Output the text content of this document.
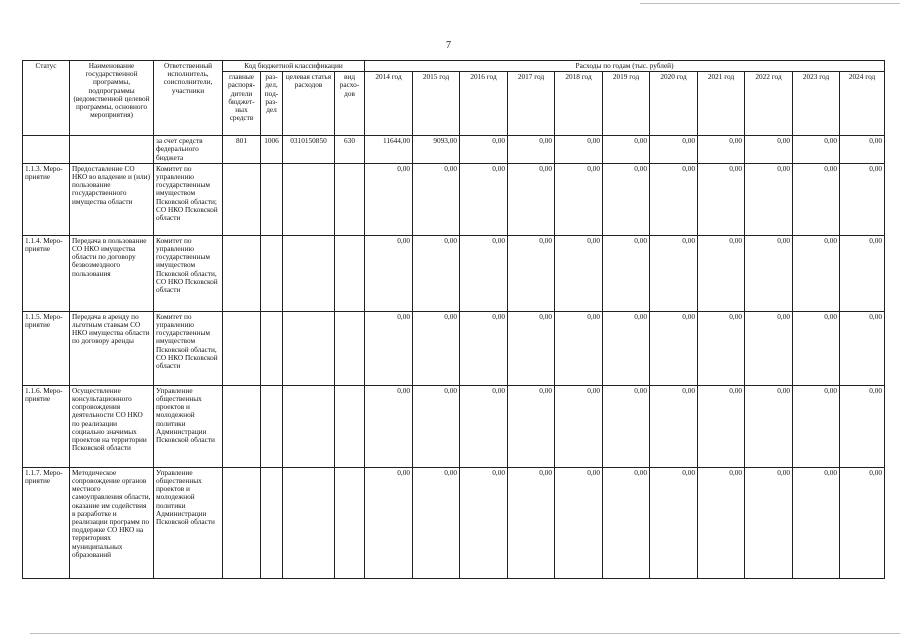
7
Статус	Наименование государственной программы, подпрограммы (ведомственной целевой программы, основного мероприятия)	Ответственный исполнитель, соисполнители, участники	Код бюджетной классификации				Расходы по годам (тыс. рублей)										
			главные распоря-дители бюджет-ных средств	раз-дел, под-раз-дел	целевая статья расходов	вид расхо-дов	2014 год	2015 год	2016 год	2017 год	2018 год	2019 год	2020 год	2021 год	2022 год	2023 год	2024 год
		за счет средств федерального бюджета	801	1006	0310150850	630	11644,00	9093,00	0,00	0,00	0,00	0,00	0,00	0,00	0,00	0,00	0,00
1.1.3. Меро-приятие	Предоставление СО НКО во владение и (или) пользование государственного имущества области	Комитет по управлению государственным имуществом Псковской области; СО НКО Псковской области					0,00	0,00	0,00	0,00	0,00	0,00	0,00	0,00	0,00	0,00	0,00
1.1.4. Меро-приятие	Передача в пользование СО НКО имущества области по договору безвозмездного пользования	Комитет по управлению государственным имуществом Псковской области, СО НКО Псковской области					0,00	0,00	0,00	0,00	0,00	0,00	0,00	0,00	0,00	0,00	0,00
1.1.5. Меро-приятие	Передача в аренду по льготным ставкам СО НКО имущества области по договору аренды	Комитет по управлению государственным имуществом Псковской области, СО НКО Псковской области					0,00	0,00	0,00	0,00	0,00	0,00	0,00	0,00	0,00	0,00	0,00
1.1.6. Меро-приятие	Осуществление консультационного сопровождения деятельности СО НКО по реализации социально значимых проектов на территории Псковской области	Управление общественных проектов и молодежной политики Администрации Псковской области					0,00	0,00	0,00	0,00	0,00	0,00	0,00	0,00	0,00	0,00	0,00
1.1.7. Меро-приятие	Методическое сопровождение органов местного самоуправления области, оказание им содействия в разработке и реализации программ по поддержке СО НКО на территориях муниципальных образований	Управление общественных проектов и молодежной политики Администрации Псковской области					0,00	0,00	0,00	0,00	0,00	0,00	0,00	0,00	0,00	0,00	0,00
